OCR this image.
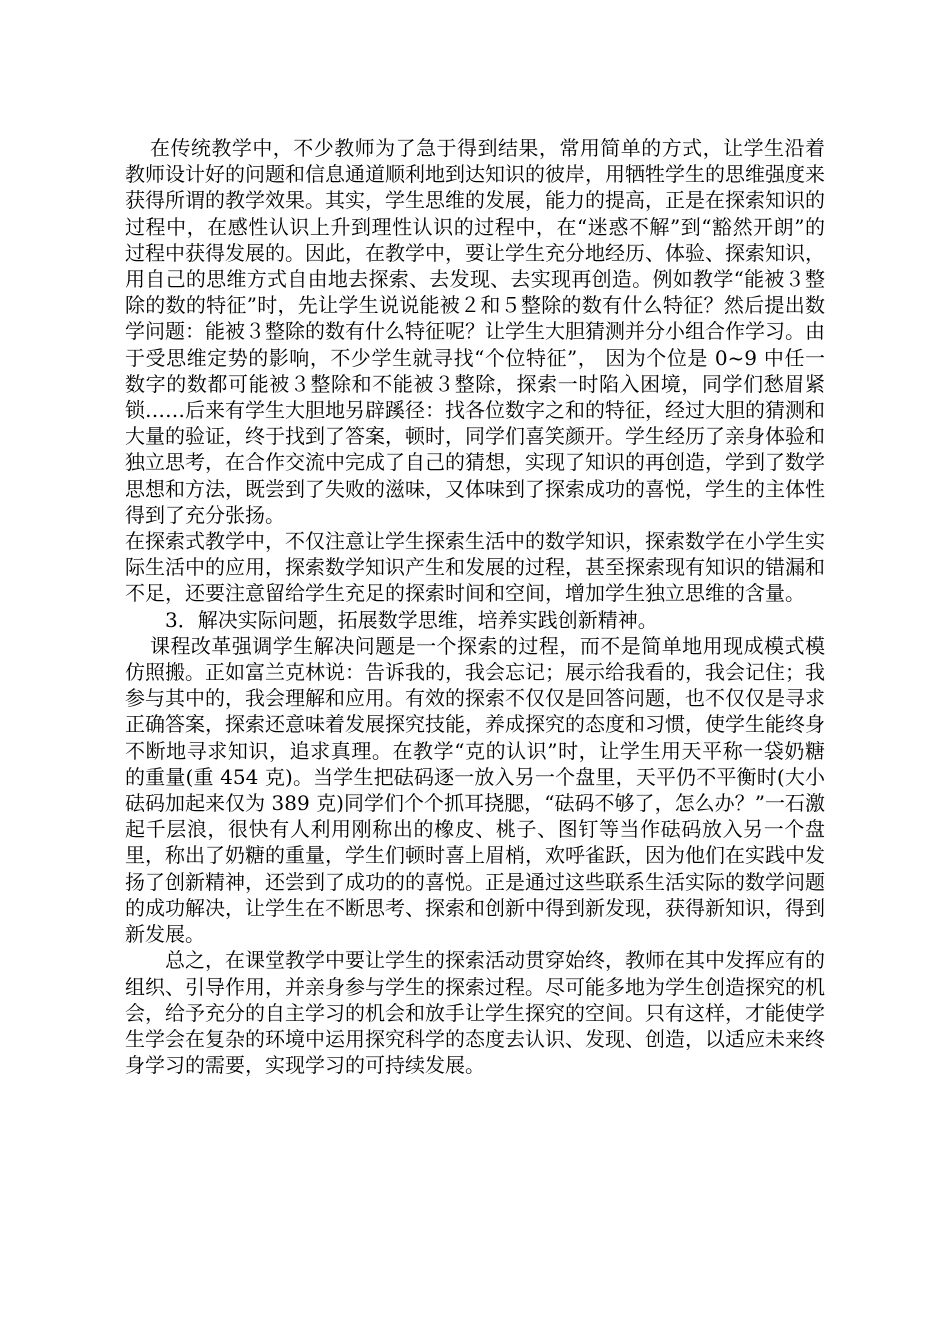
在传统教学中，不少教师为了急于得到结果，常用简单的方式，让学生沿着教师设计好的问题和信息通道顺利地到达知识的彼岸，用牺牲学生的思维强度来获得所谓的教学效果。其实，学生思维的发展，能力的提高，正是在探索知识的过程中，在感性认识上升到理性认识的过程中，在“迷惑不解”到“豁然开朗”的过程中获得发展的。因此，在教学中，要让学生充分地经历、体验、探索知识，用自己的思维方式自由地去探索、去发现、去实现再创造。例如教学“能被３整除的数的特征”时，先让学生说说能被２和５整除的数有什么特征？然后提出数学问题：能被３整除的数有什么特征呢？让学生大胆猜测并分小组合作学习。由于受思维定势的影响，不少学生就寻找“个位特征”， 因为个位是 0~9 中任一数字的数都可能被３整除和不能被３整除，探索一时陷入困境，同学们愁眉紧锁……后来有学生大胆地另辟蹊径：找各位数字之和的特征，经过大胆的猜测和大量的验证，终于找到了答案，顿时，同学们喜笑颜开。学生经历了亲身体验和独立思考，在合作交流中完成了自己的猜想，实现了知识的再创造，学到了数学思想和方法，既尝到了失败的滋味，又体味到了探索成功的喜悦，学生的主体性得到了充分张扬。

在探索式教学中，不仅注意让学生探索生活中的数学知识，探索数学在小学生实际生活中的应用，探索数学知识产生和发展的过程，甚至探索现有知识的错漏和不足，还要注意留给学生充足的探索时间和空间，增加学生独立思维的含量。

3．解决实际问题，拓展数学思维，培养实践创新精神。

课程改革强调学生解决问题是一个探索的过程，而不是简单地用现成模式模仿照搬。正如富兰克林说：告诉我的，我会忘记；展示给我看的，我会记住；我参与其中的，我会理解和应用。有效的探索不仅仅是回答问题，也不仅仅是寻求正确答案，探索还意味着发展探究技能，养成探究的态度和习惯，使学生能终身不断地寻求知识，追求真理。在教学“克的认识”时，让学生用天平称一袋奶糖的重量(重 454 克)。当学生把砝码逐一放入另一个盘里，天平仍不平衡时(大小砝码加起来仅为 389 克)同学们个个抓耳挠腮，“砝码不够了，怎么办？”一石激起千层浪，很快有人利用刚称出的橡皮、桃子、图钉等当作砝码放入另一个盘里，称出了奶糖的重量，学生们顿时喜上眉梢，欢呼雀跃，因为他们在实践中发扬了创新精神，还尝到了成功的的喜悦。正是通过这些联系生活实际的数学问题的成功解决，让学生在不断思考、探索和创新中得到新发现，获得新知识，得到新发展。

总之，在课堂教学中要让学生的探索活动贯穿始终，教师在其中发挥应有的组织、引导作用，并亲身参与学生的探索过程。尽可能多地为学生创造探究的机会，给予充分的自主学习的机会和放手让学生探究的空间。只有这样，才能使学生学会在复杂的环境中运用探究科学的态度去认识、发现、创造，以适应未来终身学习的需要，实现学习的可持续发展。
